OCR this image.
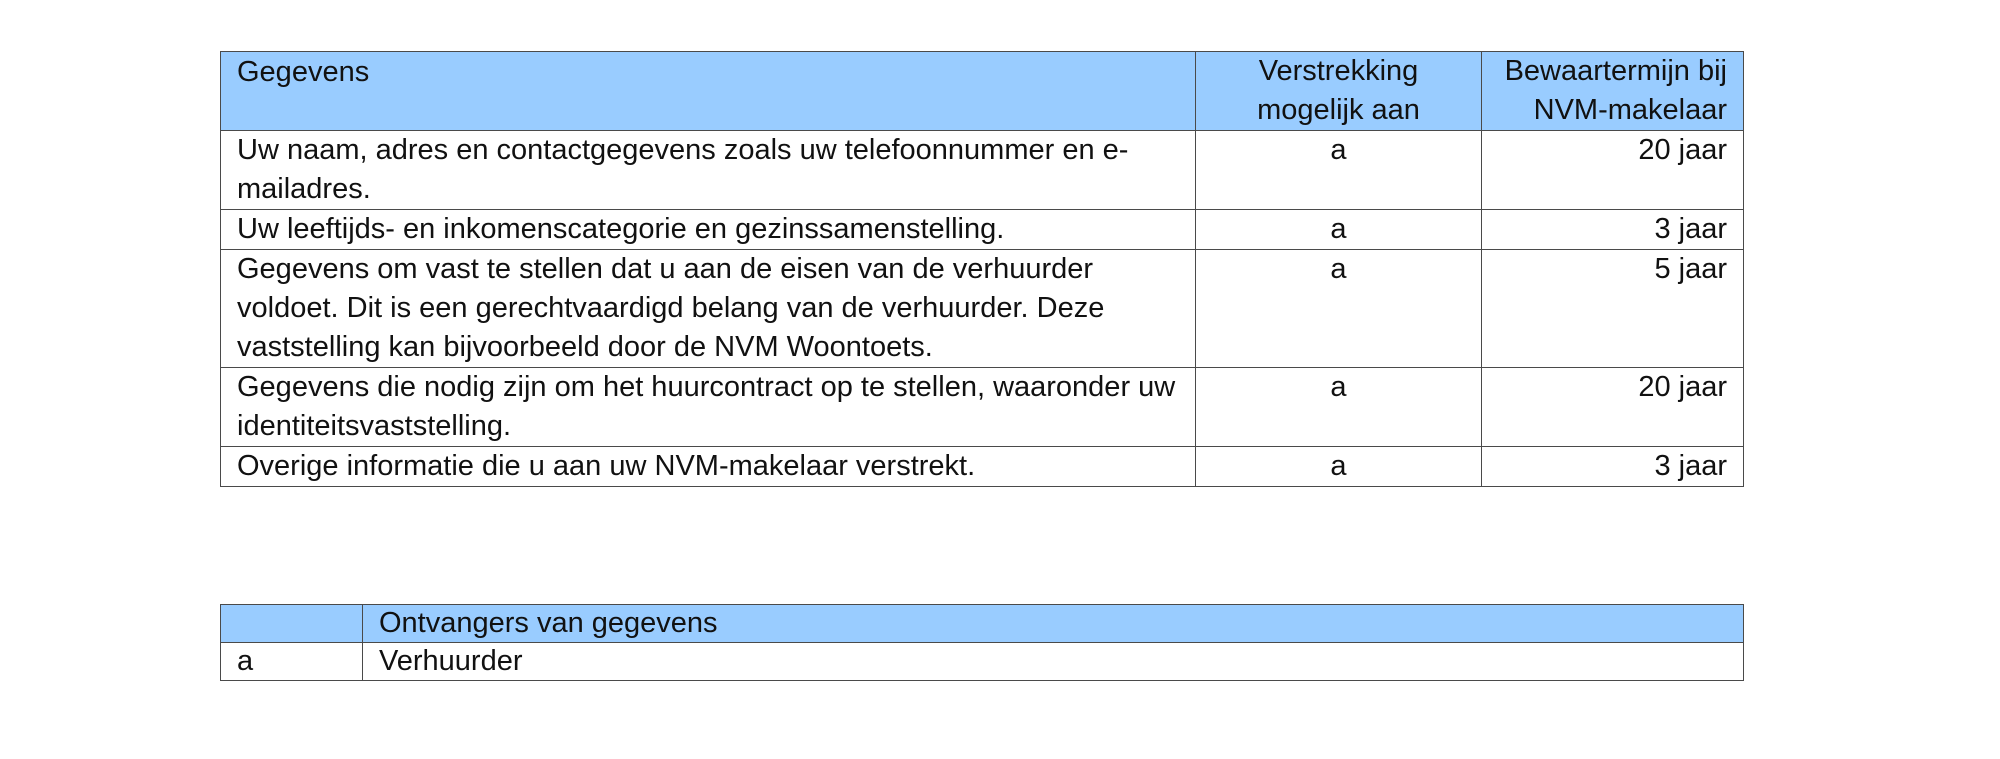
Gegevens	Verstrekking mogelijk aan	Bewaartermijn bij NVM-makelaar
Uw naam, adres en contactgegevens zoals uw telefoonnummer en e-mailadres.	a	20 jaar
Uw leeftijds- en inkomenscategorie en gezinssamenstelling.	a	3 jaar
Gegevens om vast te stellen dat u aan de eisen van de verhuurder voldoet. Dit is een gerechtvaardigd belang van de verhuurder. Deze vaststelling kan bijvoorbeeld door de NVM Woontoets.	a	5 jaar
Gegevens die nodig zijn om het huurcontract op te stellen, waaronder uw identiteitsvaststelling.	a	20 jaar
Overige informatie die u aan uw NVM-makelaar verstrekt.	a	3 jaar
	Ontvangers van gegevens
a	Verhuurder
